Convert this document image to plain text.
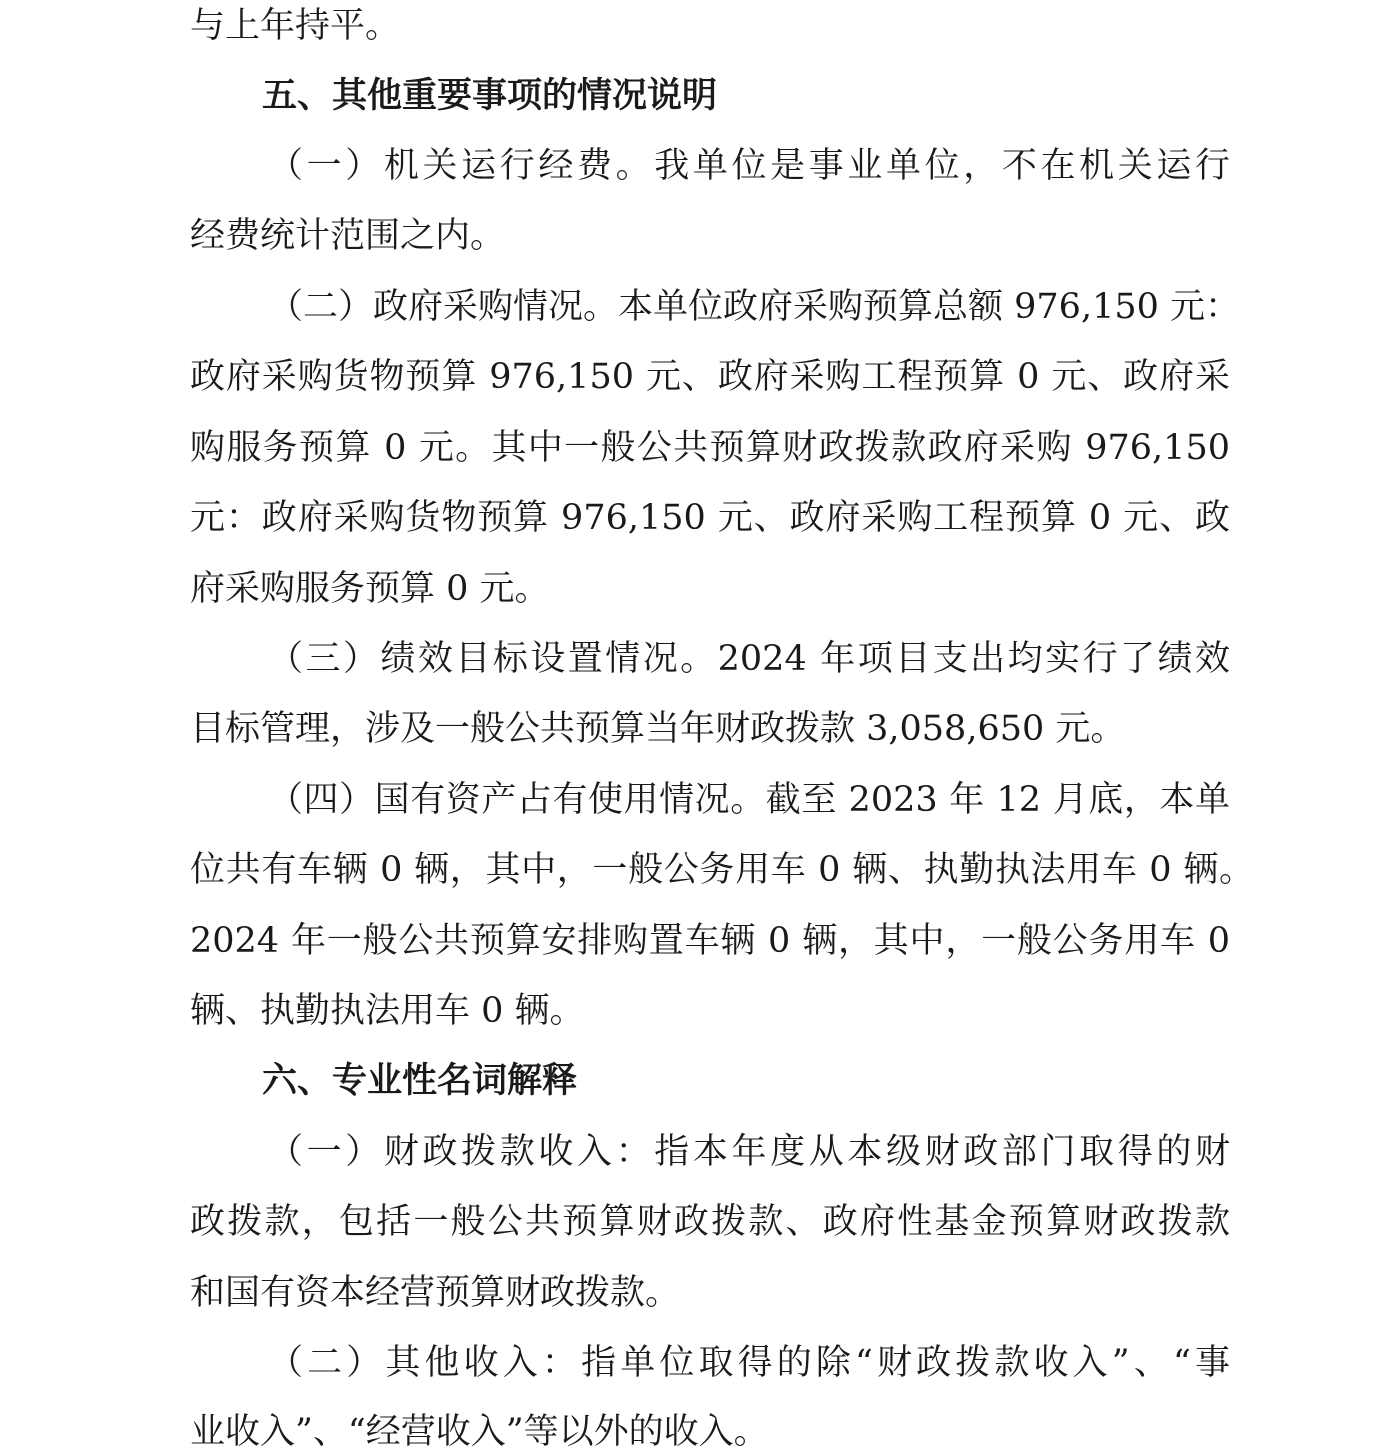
与上年持平。
五、其他重要事项的情况说明
（一）机关运行经费。我单位是事业单位，不在机关运行
经费统计范围之内。
（二）政府采购情况。本单位政府采购预算总额 976,150 元：
政府采购货物预算 976,150 元、政府采购工程预算 0 元、政府采
购服务预算 0 元。其中一般公共预算财政拨款政府采购 976,150
元：政府采购货物预算 976,150 元、政府采购工程预算 0 元、政
府采购服务预算 0 元。
（三）绩效目标设置情况。2024 年项目支出均实行了绩效
目标管理，涉及一般公共预算当年财政拨款 3,058,650 元。
（四）国有资产占有使用情况。截至 2023 年 12 月底，本单
位共有车辆 0 辆，其中，一般公务用车 0 辆、执勤执法用车 0 辆。
2024 年一般公共预算安排购置车辆 0 辆，其中，一般公务用车 0
辆、执勤执法用车 0 辆。
六、专业性名词解释
（一）财政拨款收入：指本年度从本级财政部门取得的财
政拨款，包括一般公共预算财政拨款、政府性基金预算财政拨款
和国有资本经营预算财政拨款。
（二）其他收入：指单位取得的除“财政拨款收入”、“事
业收入”、“经营收入”等以外的收入。
